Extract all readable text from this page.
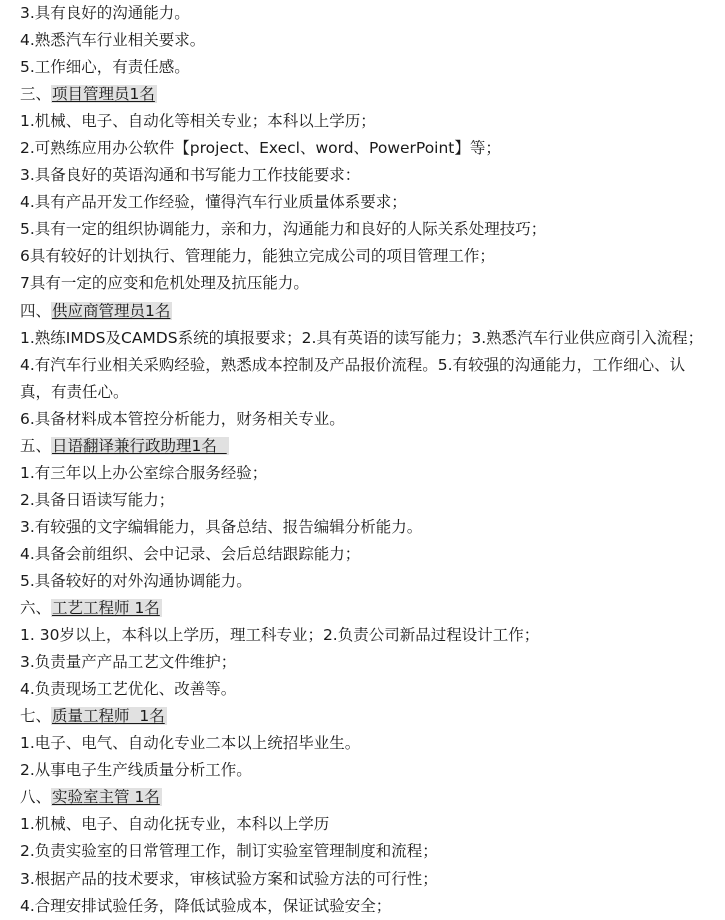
3.具有良好的沟通能力。
4.熟悉汽车行业相关要求。
5.工作细心，有责任感。
三、项目管理员1名
1.机械、电子、自动化等相关专业；本科以上学历；
2.可熟练应用办公软件【project、Execl、word、PowerPoint】等；
3.具备良好的英语沟通和书写能力工作技能要求：
4.具有产品开发工作经验，懂得汽车行业质量体系要求；
5.具有一定的组织协调能力，亲和力，沟通能力和良好的人际关系处理技巧；
6具有较好的计划执行、管理能力，能独立完成公司的项目管理工作；
7具有一定的应变和危机处理及抗压能力。
四、供应商管理员1名
1.熟练IMDS及CAMDS系统的填报要求；2.具有英语的读写能力；3.熟悉汽车行业供应商引入流程；4.有汽车行业相关采购经验，熟悉成本控制及产品报价流程。5.有较强的沟通能力，工作细心、认真，有责任心。
6.具备材料成本管控分析能力，财务相关专业。
五、日语翻译兼行政助理1名
1.有三年以上办公室综合服务经验；
2.具备日语读写能力；
3.有较强的文字编辑能力，具备总结、报告编辑分析能力。
4.具备会前组织、会中记录、会后总结跟踪能力；
5.具备较好的对外沟通协调能力。
六、工艺工程师 1名
1. 30岁以上，本科以上学历，理工科专业；2.负责公司新品过程设计工作；
3.负责量产产品工艺文件维护；
4.负责现场工艺优化、改善等。
七、质量工程师  1名
1.电子、电气、自动化专业二本以上统招毕业生。
2.从事电子生产线质量分析工作。
八、实验室主管 1名
1.机械、电子、自动化抚专业，本科以上学历
2.负责实验室的日常管理工作，制订实验室管理制度和流程；
3.根据产品的技术要求，审核试验方案和试验方法的可行性；
4.合理安排试验任务，降低试验成本，保证试验安全；
